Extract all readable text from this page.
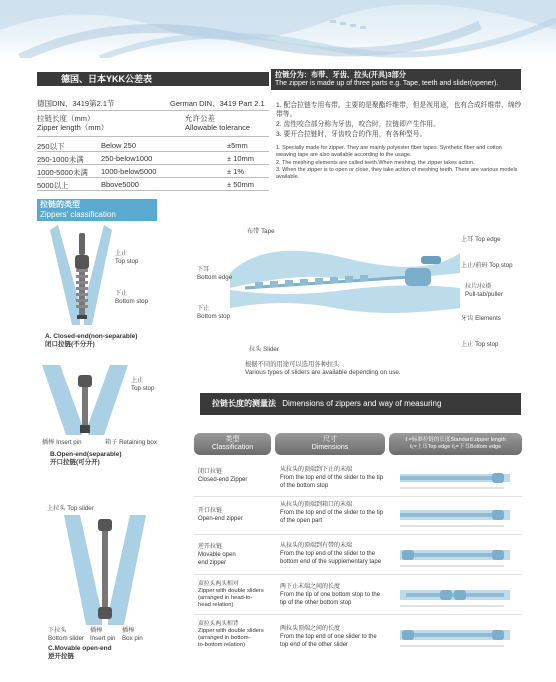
德国、日本YKK公差表
德国DIN、3419第2.1节	German DIN、3419 Part 2.1
拉链长度（mm）
Zipper length（mm）
允许公差
Allowable tolerance
250以下	Below 250	±5mm
250-1000未满 250-below1000	± 10mm
1000-5000未满 1000-below5000	± 1%
5000以上	Bbove5000	± 50mm
拉链分为：布带、牙齿、拉头(开具)3部分
The zipper is made up of three parts e.g. Tape, teeth and slider(opener).
1. 配合拉链专用布带。主要的是聚酯纤维带，但是视用途，也有合成纤维带、绵纱带等。
2. 齿性咬合部分称为牙齿，咬合时，拉链即产生作用。
3. 要开合拉链时，牙齿咬合的作用，有各种型号。
1. Specially made for zipper. They are mainly polyester fiber tapes. Synthetic fiber and cotton weaving tape are also available according to the usage.
2. The meshing elements are called teeth.When meshing, the zipper takes action.
3. When the zipper is to open or close, they take action of meshing teeth. There are various models available.
拉链的类型
Zippers' classification
上止
Top stop
下止
Bottom stop
A. Closed-end(non-separable)
闭口拉链(不分开)
上止
Top stop
插棒 Insert pin	箱子 Retaining box
B.Open-end(separable)
开口拉链(可分开)
上拉头 Top slider
下拉头
Bottom slider
插棒
Insert pin
插棒
Box pin
C.Movable open-end
逆开拉链
布带 Tape
下耳
Bottom edge
下止
Bottom stop
拉头 Slider
上耳 Top edge
上止/前码 Top stop
拉片/拉褂
Pull-tab/puller
牙齿 Elements
上止 Top stop
根据不同的用途可以选用各种拉头
Various types of sliders are available depending on use.
拉链长度的测量法 Dimensions of zippers and way of measuring
类型
Classification
尺寸
Dimensions
ℓ =标准拉链的长度Standard zipper length
ℓ₁=上耳Top edge ℓ₂=下耳Bottom edge
闭口拉链
Closed-end Zipper
从拉头的顶端到下止的末端
From the top end of the slider to the tip
of the bottom stop
开口拉链
Open-end zipper
从拉头的顶端到箱口的末端
From the top end of the slider to the tip
of the open part
逆开拉链
Movable open
end zipper
从拉头的顶端到有带的末端
From the top end of the slider to the
bottom end of the supplementary tape
双拉头两头相对
Zipper with double sliders
(arranged in head-to-
head relation)
两下止末端之间的长度
From the tip of one bottom stop to the
tip of the other bottom stop
双拉头两头相背
Zipper with double sliders
(arranged in bottom-
to-bottom relation)
两拉头顶端之间的长度
From the top end of one slider to the
top end of the other slider
